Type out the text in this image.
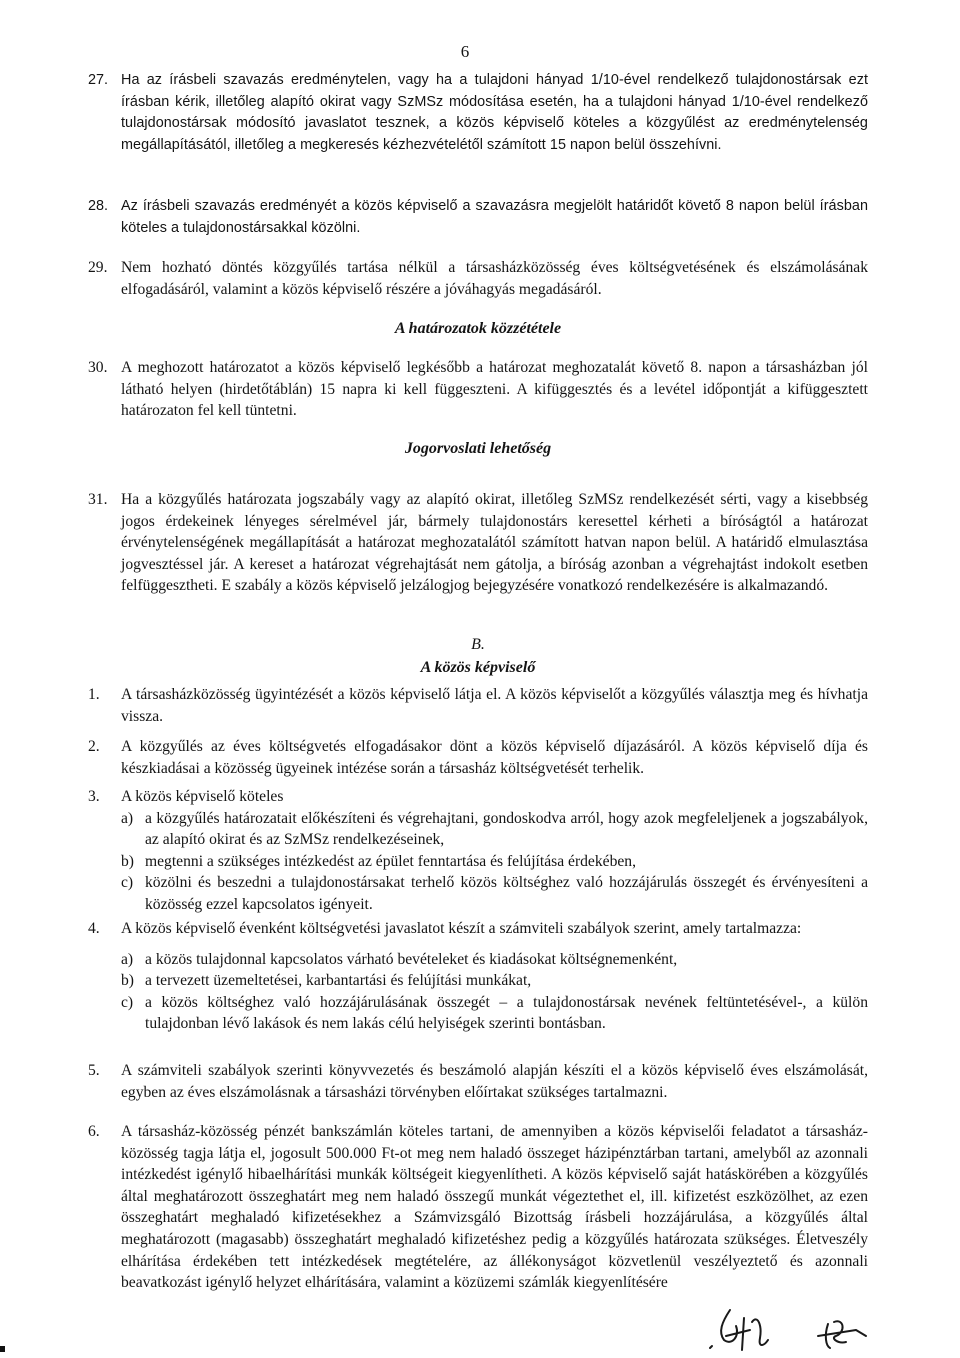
6
27. Ha az írásbeli szavazás eredménytelen, vagy ha a tulajdoni hányad 1/10-ével rendelkező tulajdonostársak ezt írásban kérik, illetőleg alapító okirat vagy SzMSz módosítása esetén, ha a tulajdoni hányad 1/10-ével rendelkező tulajdonostársak módosító javaslatot tesznek, a közös képviselő köteles a közgyűlést az eredménytelenség megállapításától, illetőleg a megkeresés kézhezvételétől számított 15 napon belül összehívni.
28. Az írásbeli szavazás eredményét a közös képviselő a szavazásra megjelölt határidőt követő 8 napon belül írásban köteles a tulajdonostársakkal közölni.
29. Nem hozható döntés közgyűlés tartása nélkül a társasházközösség éves költségvetésének és elszámolásának elfogadásáról, valamint a közös képviselő részére a jóváhagyás megadásáról.
A határozatok közzététele
30. A meghozott határozatot a közös képviselő legkésőbb a határozat meghozatalát követő 8. napon a társasházban jól látható helyen (hirdetőtáblán) 15 napra ki kell függeszteni. A kifüggesztés és a levétel időpontját a kifüggesztett határozaton fel kell tüntetni.
Jogorvoslati lehetőség
31. Ha a közgyűlés határozata jogszabály vagy az alapító okirat, illetőleg SzMSz rendelkezését sérti, vagy a kisebbség jogos érdekeinek lényeges sérelmével jár, bármely tulajdonostárs keresettel kérheti a bíróságtól a határozat érvénytelenségének megállapítását a határozat meghozatalától számított hatvan napon belül. A határidő elmulasztása jogvesztéssel jár. A kereset a határozat végrehajtását nem gátolja, a bíróság azonban a végrehajtást indokolt esetben felfüggesztheti. E szabály a közös képviselő jelzálogjog bejegyzésére vonatkozó rendelkezésére is alkalmazandó.
B.
A közös képviselő
1. A társasházközösség ügyintézését a közös képviselő látja el. A közös képviselőt a közgyűlés választja meg és hívhatja vissza.
2. A közgyűlés az éves költségvetés elfogadásakor dönt a közös képviselő díjazásáról. A közös képviselő díja és készkiadásai a közösség ügyeinek intézése során a társasház költségvetését terhelik.
3. A közös képviselő köteles
a) a közgyűlés határozatait előkészíteni és végrehajtani, gondoskodva arról, hogy azok megfeleljenek a jogszabályok, az alapító okirat és az SzMSz rendelkezéseinek,
b) megtenni a szükséges intézkedést az épület fenntartása és felújítása érdekében,
c) közölni és beszedni a tulajdonostársakat terhelő közös költséghez való hozzájárulás összegét és érvényesíteni a közösség ezzel kapcsolatos igényeit.
4. A közös képviselő évenként költségvetési javaslatot készít a számviteli szabályok szerint, amely tartalmazza:
a) a közös tulajdonnal kapcsolatos várható bevételeket és kiadásokat költségnemenként,
b) a tervezett üzemeltetései, karbantartási és felújítási munkákat,
c) a közös költséghez való hozzájárulásának összegét – a tulajdonostársak nevének feltüntetésével-, a külön tulajdonban lévő lakások és nem lakás célú helyiségek szerinti bontásban.
5. A számviteli szabályok szerinti könyvvezetés és beszámoló alapján készíti el a közös képviselő éves elszámolását, egyben az éves elszámolásnak a társasházi törvényben előírtakat szükséges tartalmazni.
6. A társasház-közösség pénzét bankszámlán köteles tartani, de amennyiben a közös képviselői feladatot a társasház-közösség tagja látja el, jogosult 500.000 Ft-ot meg nem haladó összeget házipénztárban tartani, amelyből az azonnali intézkedést igénylő hibaelhárítási munkák költségeit kiegyenlítheti. A közös képviselő saját hatáskörében a közgyűlés által meghatározott összeghatárt meg nem haladó összegű munkát végeztethet el, ill. kifizetést eszközölhet, az ezen összeghatárt meghaladó kifizetésekhez a Számvizsgáló Bizottság írásbeli hozzájárulása, a közgyűlés által meghatározott (magasabb) összeghatárt meghaladó kifizetéshez pedig a közgyűlés határozata szükséges. Életveszély elhárítása érdekében tett intézkedések megtételére, az állékonyságot közvetlenül veszélyeztető és azonnali beavatkozást igénylő helyzet elhárítására, valamint a közüzemi számlák kiegyenlítésére
